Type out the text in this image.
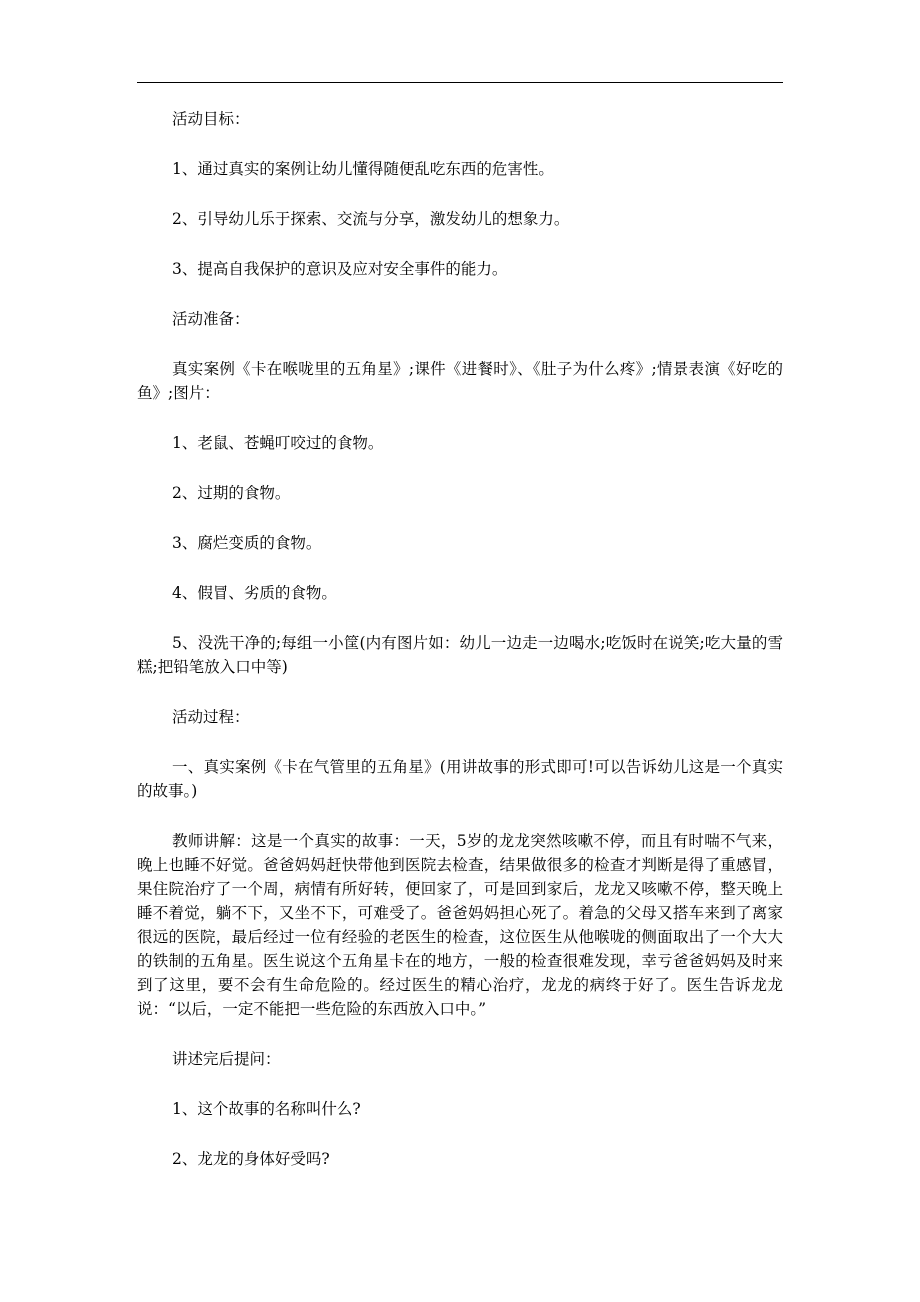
活动目标：

1、通过真实的案例让幼儿懂得随便乱吃东西的危害性。

2、引导幼儿乐于探索、交流与分享，激发幼儿的想象力。

3、提高自我保护的意识及应对安全事件的能力。

活动准备：

真实案例《卡在喉咙里的五角星》;课件《进餐时》、《肚子为什么疼》;情景表演《好吃的鱼》;图片：

1、老鼠、苍蝇叮咬过的食物。

2、过期的食物。

3、腐烂变质的食物。

4、假冒、劣质的食物。

5、没洗干净的;每组一小筐(内有图片如：幼儿一边走一边喝水;吃饭时在说笑;吃大量的雪糕;把铅笔放入口中等)

活动过程：

一、真实案例《卡在气管里的五角星》(用讲故事的形式即可!可以告诉幼儿这是一个真实的故事。)

教师讲解：这是一个真实的故事：一天，5岁的龙龙突然咳嗽不停，而且有时喘不气来，晚上也睡不好觉。爸爸妈妈赶快带他到医院去检查，结果做很多的检查才判断是得了重感冒，果住院治疗了一个周，病情有所好转，便回家了，可是回到家后，龙龙又咳嗽不停，整天晚上睡不着觉，躺不下，又坐不下，可难受了。爸爸妈妈担心死了。着急的父母又搭车来到了离家很远的医院，最后经过一位有经验的老医生的检查，这位医生从他喉咙的侧面取出了一个大大的铁制的五角星。医生说这个五角星卡在的地方，一般的检查很难发现，幸亏爸爸妈妈及时来到了这里，要不会有生命危险的。经过医生的精心治疗，龙龙的病终于好了。医生告诉龙龙说：“以后，一定不能把一些危险的东西放入口中。”

讲述完后提问：

1、这个故事的名称叫什么?

2、龙龙的身体好受吗?
